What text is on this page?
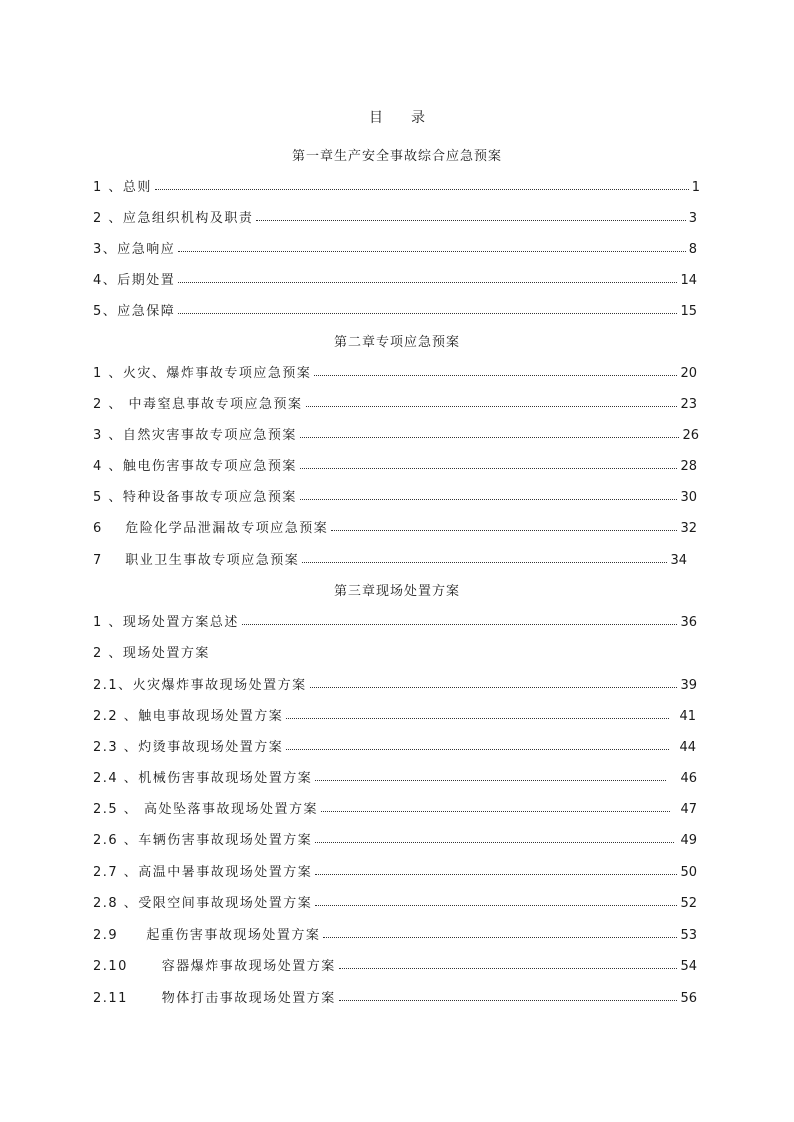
目 录
第一章生产安全事故综合应急预案
1 、总则	1
2 、应急组织机构及职责	3
3、应急响应	8
4、后期处置	14
5、应急保障	15
第二章专项应急预案
1 、火灾、爆炸事故专项应急预案	20
2 、 中毒窒息事故专项应急预案	23
3 、自然灾害事故专项应急预案	26
4 、触电伤害事故专项应急预案	28
5 、特种设备事故专项应急预案	30
6    危险化学品泄漏故专项应急预案	32
7    职业卫生事故专项应急预案	34
第三章现场处置方案
1 、现场处置方案总述	36
2 、现场处置方案
2.1、火灾爆炸事故现场处置方案	39
2.2 、触电事故现场处置方案	41
2.3 、灼烫事故现场处置方案	44
2.4 、机械伤害事故现场处置方案	46
2.5 、 高处坠落事故现场处置方案	47
2.6 、车辆伤害事故现场处置方案	49
2.7 、高温中暑事故现场处置方案	50
2.8 、受限空间事故现场处置方案	52
2.9     起重伤害事故现场处置方案	53
2.10      容器爆炸事故现场处置方案	54
2.11      物体打击事故现场处置方案	56
